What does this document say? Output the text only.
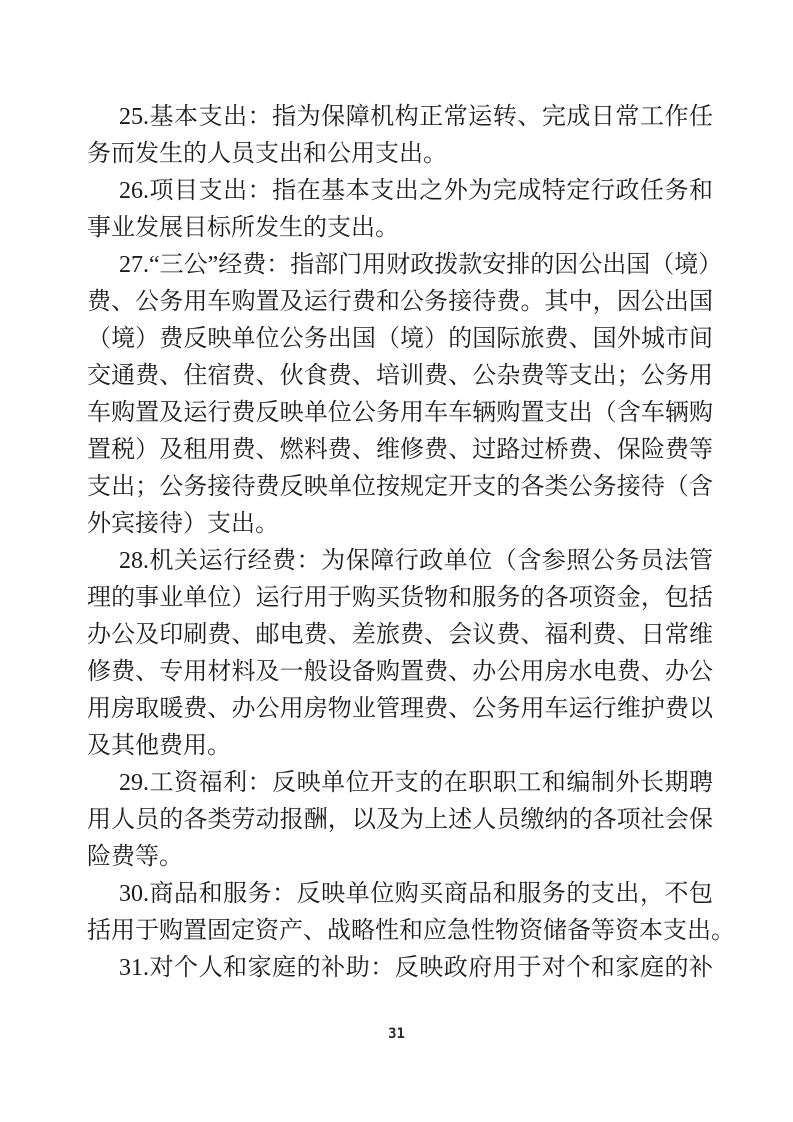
25.基本支出：指为保障机构正常运转、完成日常工作任
务而发生的人员支出和公用支出。
26.项目支出：指在基本支出之外为完成特定行政任务和
事业发展目标所发生的支出。
27.“三公”经费：指部门用财政拨款安排的因公出国（境）
费、公务用车购置及运行费和公务接待费。其中，因公出国
（境）费反映单位公务出国（境）的国际旅费、国外城市间
交通费、住宿费、伙食费、培训费、公杂费等支出；公务用
车购置及运行费反映单位公务用车车辆购置支出（含车辆购
置税）及租用费、燃料费、维修费、过路过桥费、保险费等
支出；公务接待费反映单位按规定开支的各类公务接待（含
外宾接待）支出。
28.机关运行经费：为保障行政单位（含参照公务员法管
理的事业单位）运行用于购买货物和服务的各项资金，包括
办公及印刷费、邮电费、差旅费、会议费、福利费、日常维
修费、专用材料及一般设备购置费、办公用房水电费、办公
用房取暖费、办公用房物业管理费、公务用车运行维护费以
及其他费用。
29.工资福利：反映单位开支的在职职工和编制外长期聘
用人员的各类劳动报酬，以及为上述人员缴纳的各项社会保
险费等。
30.商品和服务：反映单位购买商品和服务的支出，不包
括用于购置固定资产、战略性和应急性物资储备等资本支出。
31.对个人和家庭的补助：反映政府用于对个和家庭的补
31
